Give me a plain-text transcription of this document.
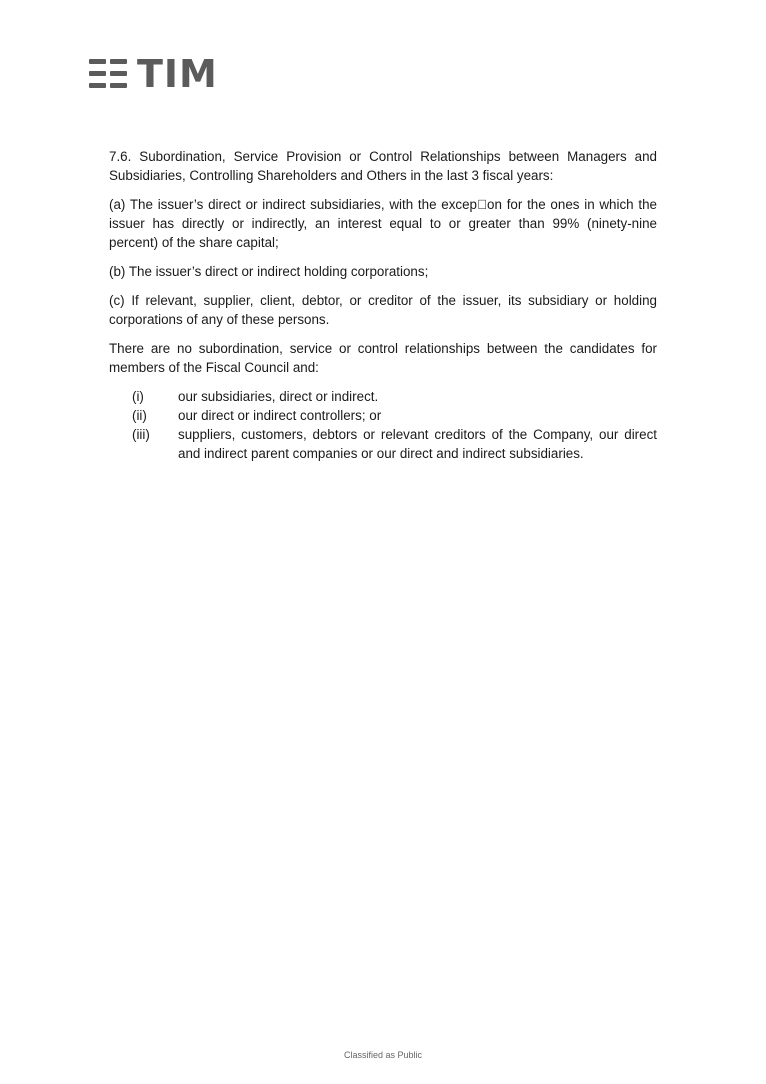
TIM

7.6. Subordination, Service Provision or Control Relationships between Managers and Subsidiaries, Controlling Shareholders and Others in the last 3 fiscal years:

(a) The issuer’s direct or indirect subsidiaries, with the excep on for the ones in which the issuer has directly or indirectly, an interest equal to or greater than 99% (ninety-nine percent) of the share capital;

(b) The issuer’s direct or indirect holding corporations;

(c) If relevant, supplier, client, debtor, or creditor of the issuer, its subsidiary or holding corporations of any of these persons.

There are no subordination, service or control relationships between the candidates for members of the Fiscal Council and:

(i)	our subsidiaries, direct or indirect.
(ii)	our direct or indirect controllers; or
(iii)	suppliers, customers, debtors or relevant creditors of the Company, our direct and indirect parent companies or our direct and indirect subsidiaries.
Classified as Public
